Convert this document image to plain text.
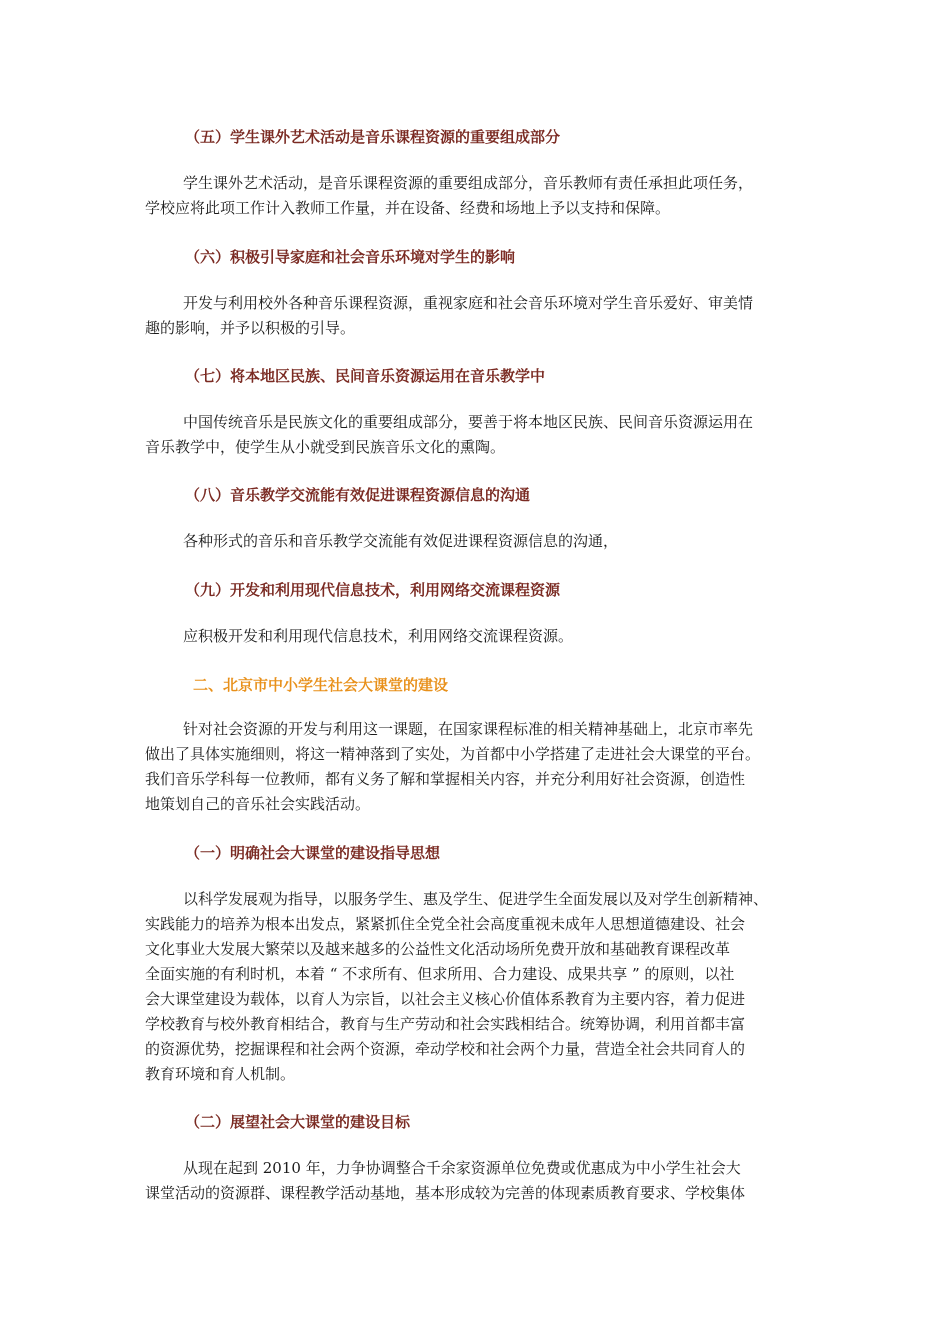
（五）学生课外艺术活动是音乐课程资源的重要组成部分
学生课外艺术活动，是音乐课程资源的重要组成部分，音乐教师有责任承担此项任务，
学校应将此项工作计入教师工作量，并在设备、经费和场地上予以支持和保障。
（六）积极引导家庭和社会音乐环境对学生的影响
开发与利用校外各种音乐课程资源，重视家庭和社会音乐环境对学生音乐爱好、审美情
趣的影响，并予以积极的引导。
（七）将本地区民族、民间音乐资源运用在音乐教学中
中国传统音乐是民族文化的重要组成部分，要善于将本地区民族、民间音乐资源运用在
音乐教学中，使学生从小就受到民族音乐文化的熏陶。
（八）音乐教学交流能有效促进课程资源信息的沟通
各种形式的音乐和音乐教学交流能有效促进课程资源信息的沟通，
（九）开发和利用现代信息技术，利用网络交流课程资源
应积极开发和利用现代信息技术，利用网络交流课程资源。
二、北京市中小学生社会大课堂的建设
针对社会资源的开发与利用这一课题，在国家课程标准的相关精神基础上，北京市率先
做出了具体实施细则，将这一精神落到了实处，为首都中小学搭建了走进社会大课堂的平台。
我们音乐学科每一位教师，都有义务了解和掌握相关内容，并充分利用好社会资源，创造性
地策划自己的音乐社会实践活动。
（一）明确社会大课堂的建设指导思想
以科学发展观为指导，以服务学生、惠及学生、促进学生全面发展以及对学生创新精神、
实践能力的培养为根本出发点，紧紧抓住全党全社会高度重视未成年人思想道德建设、社会
文化事业大发展大繁荣以及越来越多的公益性文化活动场所免费开放和基础教育课程改革
全面实施的有利时机，本着 “ 不求所有、但求所用、合力建设、成果共享 ” 的原则，以社
会大课堂建设为载体，以育人为宗旨，以社会主义核心价值体系教育为主要内容，着力促进
学校教育与校外教育相结合，教育与生产劳动和社会实践相结合。统筹协调，利用首都丰富
的资源优势，挖掘课程和社会两个资源，牵动学校和社会两个力量，营造全社会共同育人的
教育环境和育人机制。
（二）展望社会大课堂的建设目标
从现在起到 2010 年，力争协调整合千余家资源单位免费或优惠成为中小学生社会大
课堂活动的资源群、课程教学活动基地，基本形成较为完善的体现素质教育要求、学校集体
